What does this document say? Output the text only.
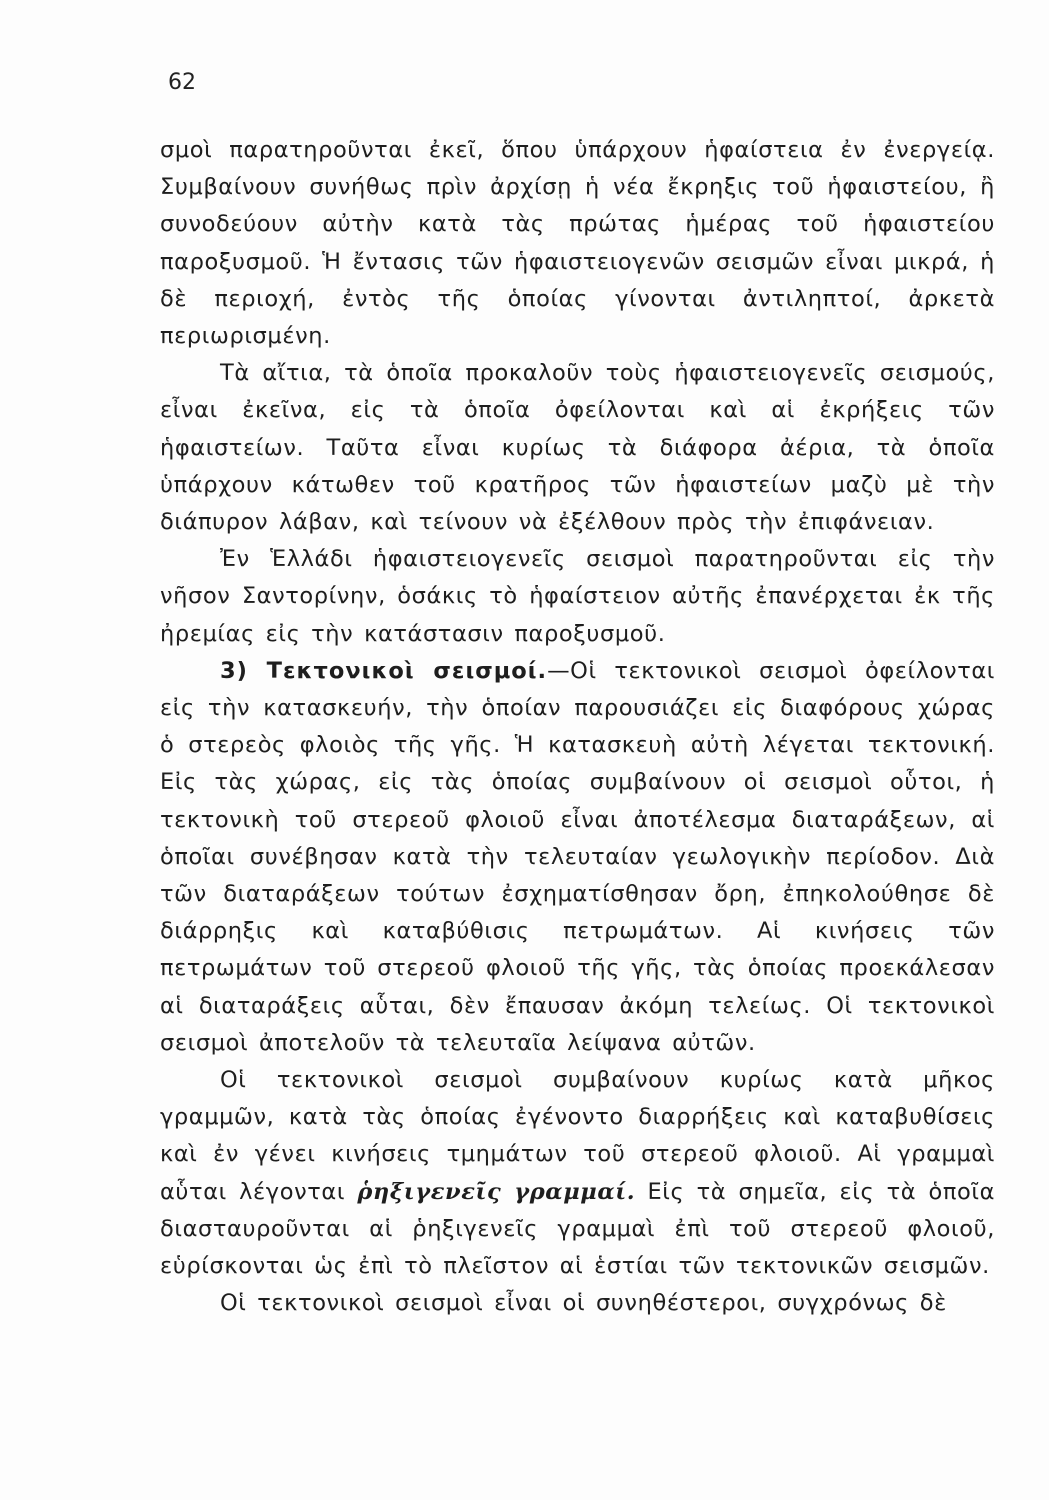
62

σμοὶ παρατηροῦνται ἐκεῖ, ὅπου ὑπάρχουν ἡφαίστεια ἐν ἐνεργείᾳ. Συμβαίνουν συνήθως πρὶν ἀρχίσῃ ἡ νέα ἔκρηξις τοῦ ἡφαιστείου, ἢ συνοδεύουν αὐτὴν κατὰ τὰς πρώτας ἡμέρας τοῦ ἡφαιστείου παροξυσμοῦ. Ἡ ἔντασις τῶν ἡφαιστειογενῶν σεισμῶν εἶναι μικρά, ἡ δὲ περιοχή, ἐντὸς τῆς ὁποίας γίνονται ἀντιληπτοί, ἀρκετὰ περιωρισμένη.

Τὰ αἴτια, τὰ ὁποῖα προκαλοῦν τοὺς ἡφαιστειογενεῖς σεισμούς, εἶναι ἐκεῖνα, εἰς τὰ ὁποῖα ὀφείλονται καὶ αἱ ἐκρήξεις τῶν ἡφαιστείων. Ταῦτα εἶναι κυρίως τὰ διάφορα ἀέρια, τὰ ὁποῖα ὑπάρχουν κάτωθεν τοῦ κρατῆρος τῶν ἡφαιστείων μαζὺ μὲ τὴν διάπυρον λάβαν, καὶ τείνουν νὰ ἐξέλθουν πρὸς τὴν ἐπιφάνειαν.

Ἐν Ἑλλάδι ἡφαιστειογενεῖς σεισμοὶ παρατηροῦνται εἰς τὴν νῆσον Σαντορίνην, ὁσάκις τὸ ἡφαίστειον αὐτῆς ἐπανέρχεται ἐκ τῆς ἠρεμίας εἰς τὴν κατάστασιν παροξυσμοῦ.

3) Τεκτονικοὶ σεισμοί.—Οἱ τεκτονικοὶ σεισμοὶ ὀφείλονται εἰς τὴν κατασκευήν, τὴν ὁποίαν παρουσιάζει εἰς διαφόρους χώρας ὁ στερεὸς φλοιὸς τῆς γῆς. Ἡ κατασκευὴ αὐτὴ λέγεται τεκτονική. Εἰς τὰς χώρας, εἰς τὰς ὁποίας συμβαίνουν οἱ σεισμοὶ οὗτοι, ἡ τεκτονικὴ τοῦ στερεοῦ φλοιοῦ εἶναι ἀποτέλεσμα διαταράξεων, αἱ ὁποῖαι συνέβησαν κατὰ τὴν τελευταίαν γεωλογικὴν περίοδον. Διὰ τῶν διαταράξεων τούτων ἐσχηματίσθησαν ὄρη, ἐπηκολούθησε δὲ διάρρηξις καὶ καταβύθισις πετρωμάτων. Αἱ κινήσεις τῶν πετρωμάτων τοῦ στερεοῦ φλοιοῦ τῆς γῆς, τὰς ὁποίας προεκάλεσαν αἱ διαταράξεις αὗται, δὲν ἔπαυσαν ἀκόμη τελείως. Οἱ τεκτονικοὶ σεισμοὶ ἀποτελοῦν τὰ τελευταῖα λείψανα αὐτῶν.

Οἱ τεκτονικοὶ σεισμοὶ συμβαίνουν κυρίως κατὰ μῆκος γραμμῶν, κατὰ τὰς ὁποίας ἐγένοντο διαρρήξεις καὶ καταβυθίσεις καὶ ἐν γένει κινήσεις τμημάτων τοῦ στερεοῦ φλοιοῦ. Αἱ γραμμαὶ αὗται λέγονται ῥηξιγενεῖς γραμμαί. Εἰς τὰ σημεῖα, εἰς τὰ ὁποῖα διασταυροῦνται αἱ ῥηξιγενεῖς γραμμαὶ ἐπὶ τοῦ στερεοῦ φλοιοῦ, εὑρίσκονται ὡς ἐπὶ τὸ πλεῖστον αἱ ἑστίαι τῶν τεκτονικῶν σεισμῶν.

Οἱ τεκτονικοὶ σεισμοὶ εἶναι οἱ συνηθέστεροι, συγχρόνως δὲ
